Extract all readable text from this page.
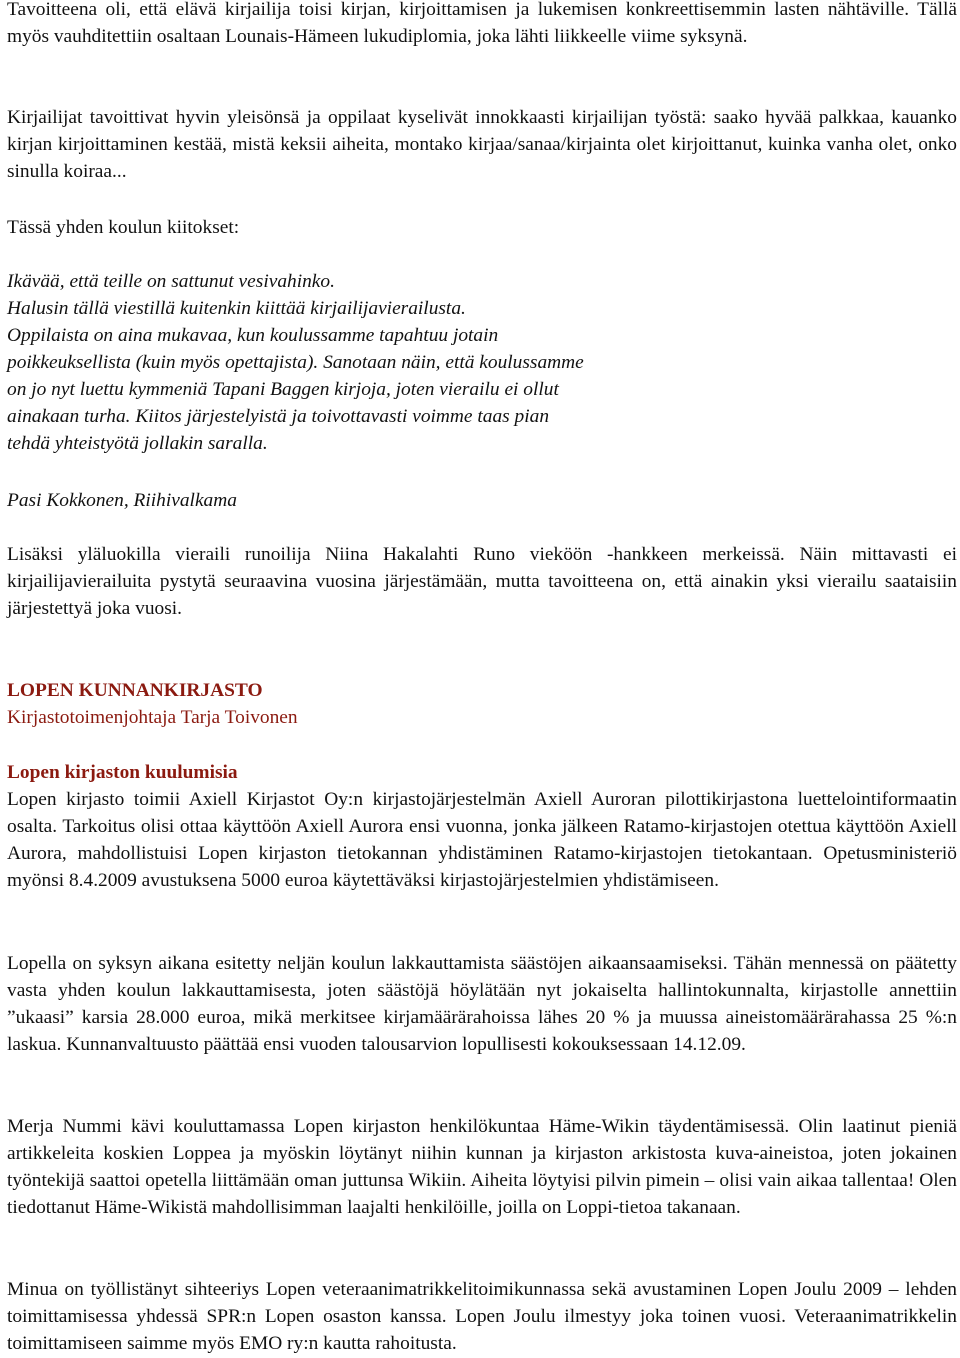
Tavoitteena oli, että elävä kirjailija toisi kirjan, kirjoittamisen ja lukemisen konkreettisemmin lasten nähtäville. Tällä myös vauhditettiin osaltaan Lounais-Hämeen lukudiplomia, joka lähti liikkeelle viime syksynä.

Kirjailijat tavoittivat hyvin yleisönsä ja oppilaat kyselivät innokkaasti kirjailijan työstä: saako hyvää palkkaa, kauanko kirjan kirjoittaminen kestää, mistä keksii aiheita, montako kirjaa/sanaa/kirjainta olet kirjoittanut, kuinka vanha olet, onko sinulla koiraa...

Tässä yhden koulun kiitokset:

Ikävää, että teille on sattunut vesivahinko.
Halusin tällä viestillä kuitenkin kiittää kirjailijavierailusta.
Oppilaista on aina mukavaa, kun koulussamme tapahtuu jotain
poikkeuksellista (kuin myös opettajista). Sanotaan näin, että koulussamme
on jo nyt luettu kymmeniä Tapani Baggen kirjoja, joten vierailu ei ollut
ainakaan turha. Kiitos järjestelyistä ja toivottavasti voimme taas pian
tehdä yhteistyötä jollakin saralla.

Pasi Kokkonen, Riihivalkama

Lisäksi yläluokilla vieraili runoilija Niina Hakalahti Runo vieköön -hankkeen merkeissä. Näin mittavasti ei kirjailijavierailuita pystytä seuraavina vuosina järjestämään, mutta tavoitteena on, että ainakin yksi vierailu saataisiin järjestettyä joka vuosi.

LOPEN KUNNANKIRJASTO

Kirjastotoimenjohtaja Tarja Toivonen

Lopen kirjaston kuulumisia

Lopen kirjasto toimii Axiell Kirjastot Oy:n kirjastojärjestelmän Axiell Auroran pilottikirjastona luettelointiformaatin osalta. Tarkoitus olisi ottaa käyttöön Axiell Aurora ensi vuonna, jonka jälkeen Ratamo-kirjastojen otettua käyttöön Axiell Aurora, mahdollistuisi Lopen kirjaston tietokannan yhdistäminen Ratamo-kirjastojen tietokantaan. Opetusministeriö myönsi 8.4.2009 avustuksena 5000 euroa käytettäväksi kirjastojärjestelmien yhdistämiseen.

Lopella on syksyn aikana esitetty neljän koulun lakkauttamista säästöjen aikaansaamiseksi. Tähän mennessä on päätetty vasta yhden koulun lakkauttamisesta, joten säästöjä höylätään nyt jokaiselta hallintokunnalta, kirjastolle annettiin ”ukaasi” karsia 28.000 euroa, mikä merkitsee kirjamäärärahoissa lähes 20 % ja muussa aineistomäärärahassa 25 %:n laskua. Kunnanvaltuusto päättää ensi vuoden talousarvion lopullisesti kokouksessaan 14.12.09.

Merja Nummi kävi kouluttamassa Lopen kirjaston henkilökuntaa Häme-Wikin täydentämisessä. Olin laatinut pieniä artikkeleita koskien Loppea ja myöskin löytänyt niihin kunnan ja kirjaston arkistosta kuva-aineistoa, joten jokainen työntekijä saattoi opetella liittämään oman juttunsa Wikiin. Aiheita löytyisi pilvin pimein – olisi vain aikaa tallentaa! Olen tiedottanut Häme-Wikistä mahdollisimman laajalti henkilöille, joilla on Loppi-tietoa takanaan.

Minua on työllistänyt sihteeriys Lopen veteraanimatrikkelitoimikunnassa sekä avustaminen Lopen Joulu 2009 – lehden toimittamisessa yhdessä SPR:n Lopen osaston kanssa. Lopen Joulu ilmestyy joka toinen vuosi. Veteraanimatrikkelin toimittamiseen saimme myös EMO ry:n kautta rahoitusta.
